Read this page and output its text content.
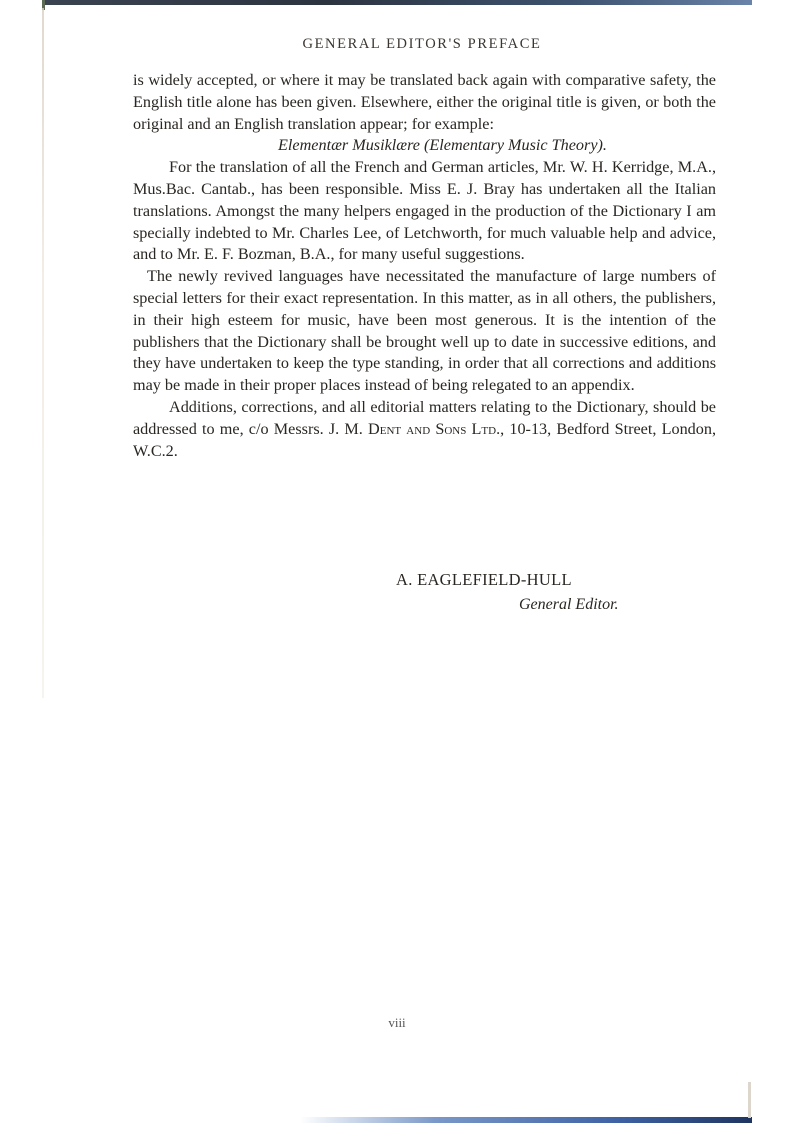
GENERAL EDITOR'S PREFACE

is widely accepted, or where it may be translated back again with comparative safety, the English title alone has been given. Elsewhere, either the original title is given, or both the original and an English translation appear; for example:

Elementær Musiklære (Elementary Music Theory).

For the translation of all the French and German articles, Mr. W. H. Kerridge, M.A., Mus.Bac. Cantab., has been responsible. Miss E. J. Bray has undertaken all the Italian translations. Amongst the many helpers engaged in the production of the Dictionary I am specially indebted to Mr. Charles Lee, of Letchworth, for much valuable help and advice, and to Mr. E. F. Bozman, B.A., for many useful suggestions.

The newly revived languages have necessitated the manufacture of large numbers of special letters for their exact representation. In this matter, as in all others, the publishers, in their high esteem for music, have been most generous. It is the intention of the publishers that the Dictionary shall be brought well up to date in successive editions, and they have undertaken to keep the type standing, in order that all corrections and additions may be made in their proper places instead of being relegated to an appendix.

Additions, corrections, and all editorial matters relating to the Dictionary, should be addressed to me, c/o Messrs. J. M. Dent and Sons Ltd., 10-13, Bedford Street, London, W.C.2.

A. EAGLEFIELD-HULL
General Editor.
viii
